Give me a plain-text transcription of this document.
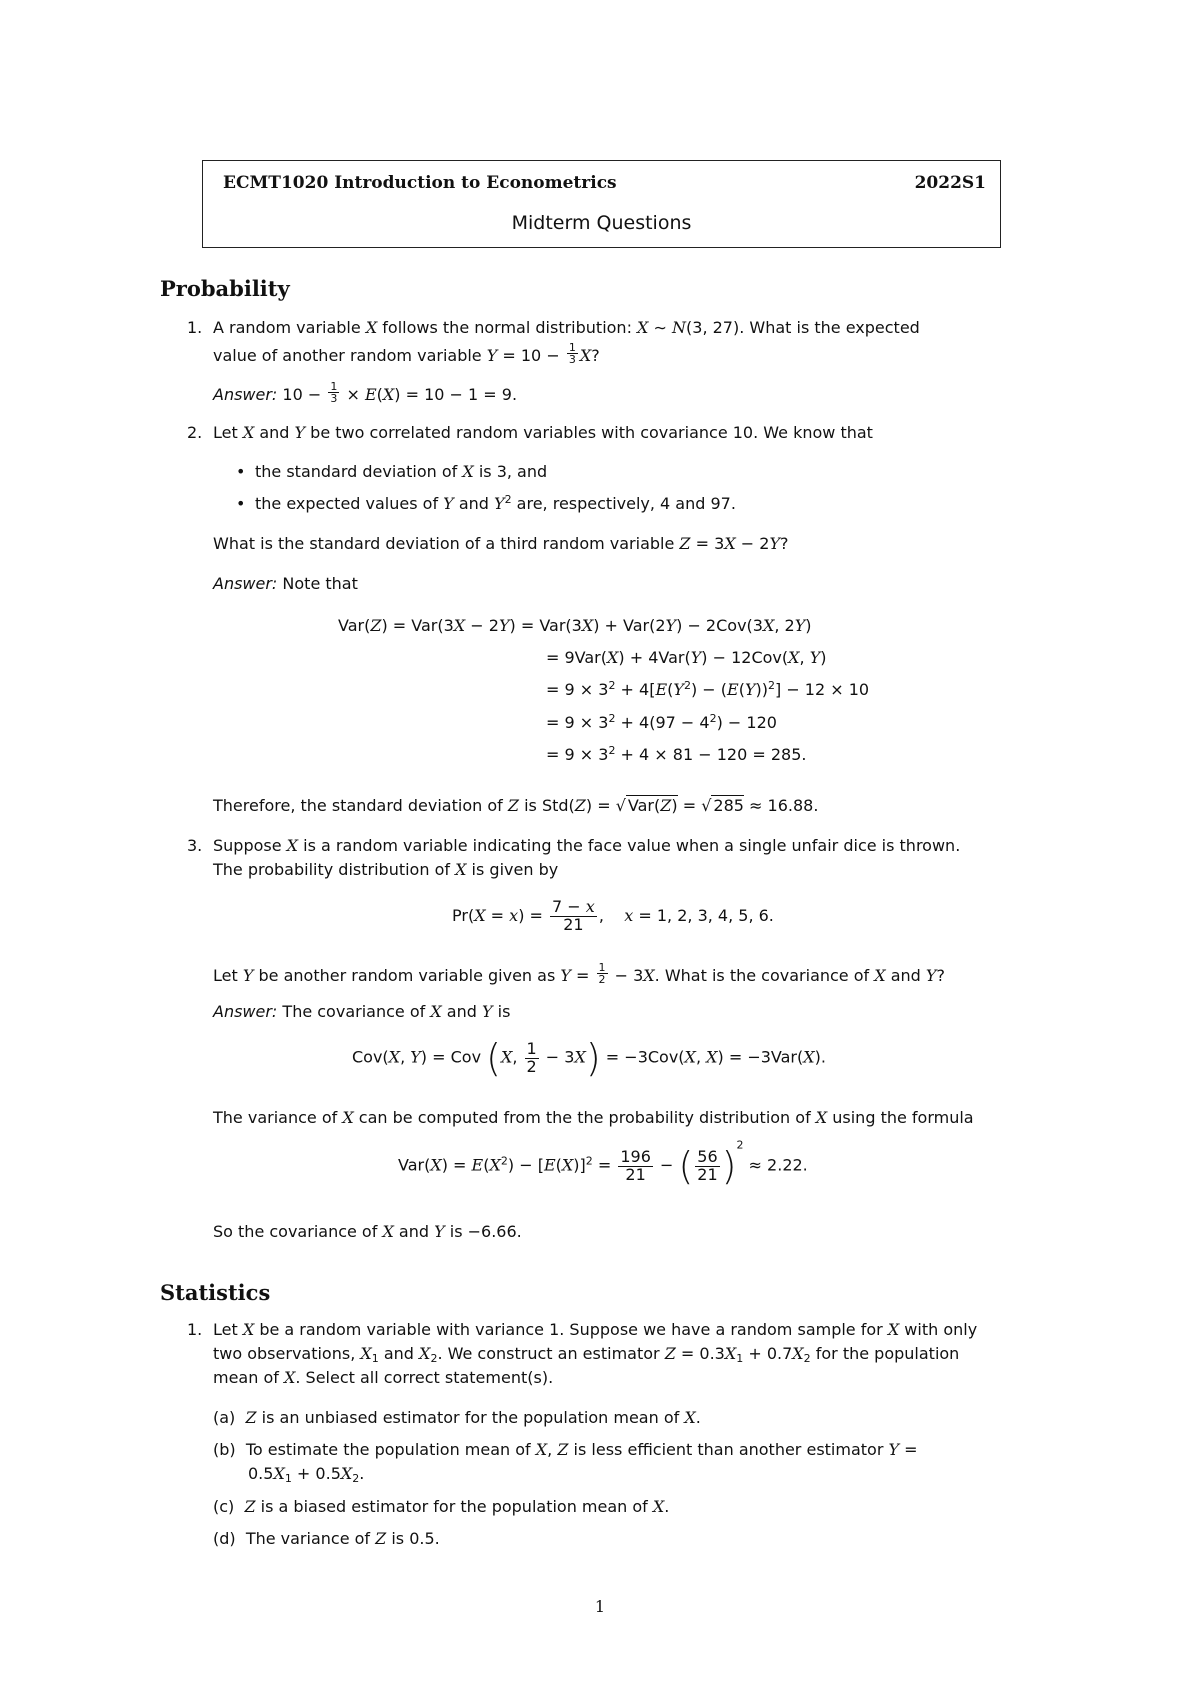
ECMT1020 Introduction to Econometrics	2022S1
Midterm Questions
Probability
1. A random variable X follows the normal distribution: X ∼ N(3, 27). What is the expected
value of another random variable $Y = 10 - \frac{1}{3} X$?
Answer: $10 - \frac{1}{3} \times E(X) = 10 - 1 = 9$.
2. Let X and Y be two correlated random variables with covariance 10. We know that
• the standard deviation of X is 3, and
• the expected values of Y and $Y^2$ are, respectively, 4 and 97.
What is the standard deviation of a third random variable Z = 3X − 2Y?
Answer: Note that
Var(Z) = Var(3X − 2Y) = Var(3X) + Var(2Y) − 2Cov(3X, 2Y)
= 9Var(X) + 4Var(Y) − 12Cov(X, Y)
= $9 \times 3^2 + 4[E(Y^2) - (E(Y))^2] - 12 \times 10$
= $9 \times 3^2 + 4(97 - 4^2) - 120$
= $9 \times 3^2 + 4 \times 81 - 120 = 285$.
Therefore, the standard deviation of Z is Std(Z) = √ Var(Z) = √ 285 ≈ 16.88.
3. Suppose X is a random variable indicating the face value when a single unfair dice is thrown.
The probability distribution of X is given by
$Pr(X = x) = \frac{7 - x}{21}$ ,    x = 1, 2, 3, 4, 5, 6.
Let Y be another random variable given as $Y = \frac{1}{2} - 3X$. What is the covariance of X and Y?
Answer: The covariance of X and Y is
Cov(X, Y) = Cov (X, $\frac{1}{2} - 3X) = -3Cov(X$, X) = −3Var(X).
The variance of X can be computed from the the probability distribution of X using the formula
$Var(X) = E(X^2) - [E(X)]^2 = \frac{196}{21}$ − ( $\frac{56}{21} )^2 \approx 2.22$.
So the covariance of X and Y is −6.66.
Statistics
1. Let X be a random variable with variance 1. Suppose we have a random sample for X with only
two observations, $X_1$ and $X_2$. We construct an estimator $Z = 0.3X_1 + 0.7X_2$ for the population
mean of X. Select all correct statement(s).
(a)  Z is an unbiased estimator for the population mean of X.
(b)  To estimate the population mean of X, Z is less efficient than another estimator Y =
$0.5X_1 + 0.5X_2$.
(c)  Z is a biased estimator for the population mean of X.
(d)  The variance of Z is 0.5.
1
